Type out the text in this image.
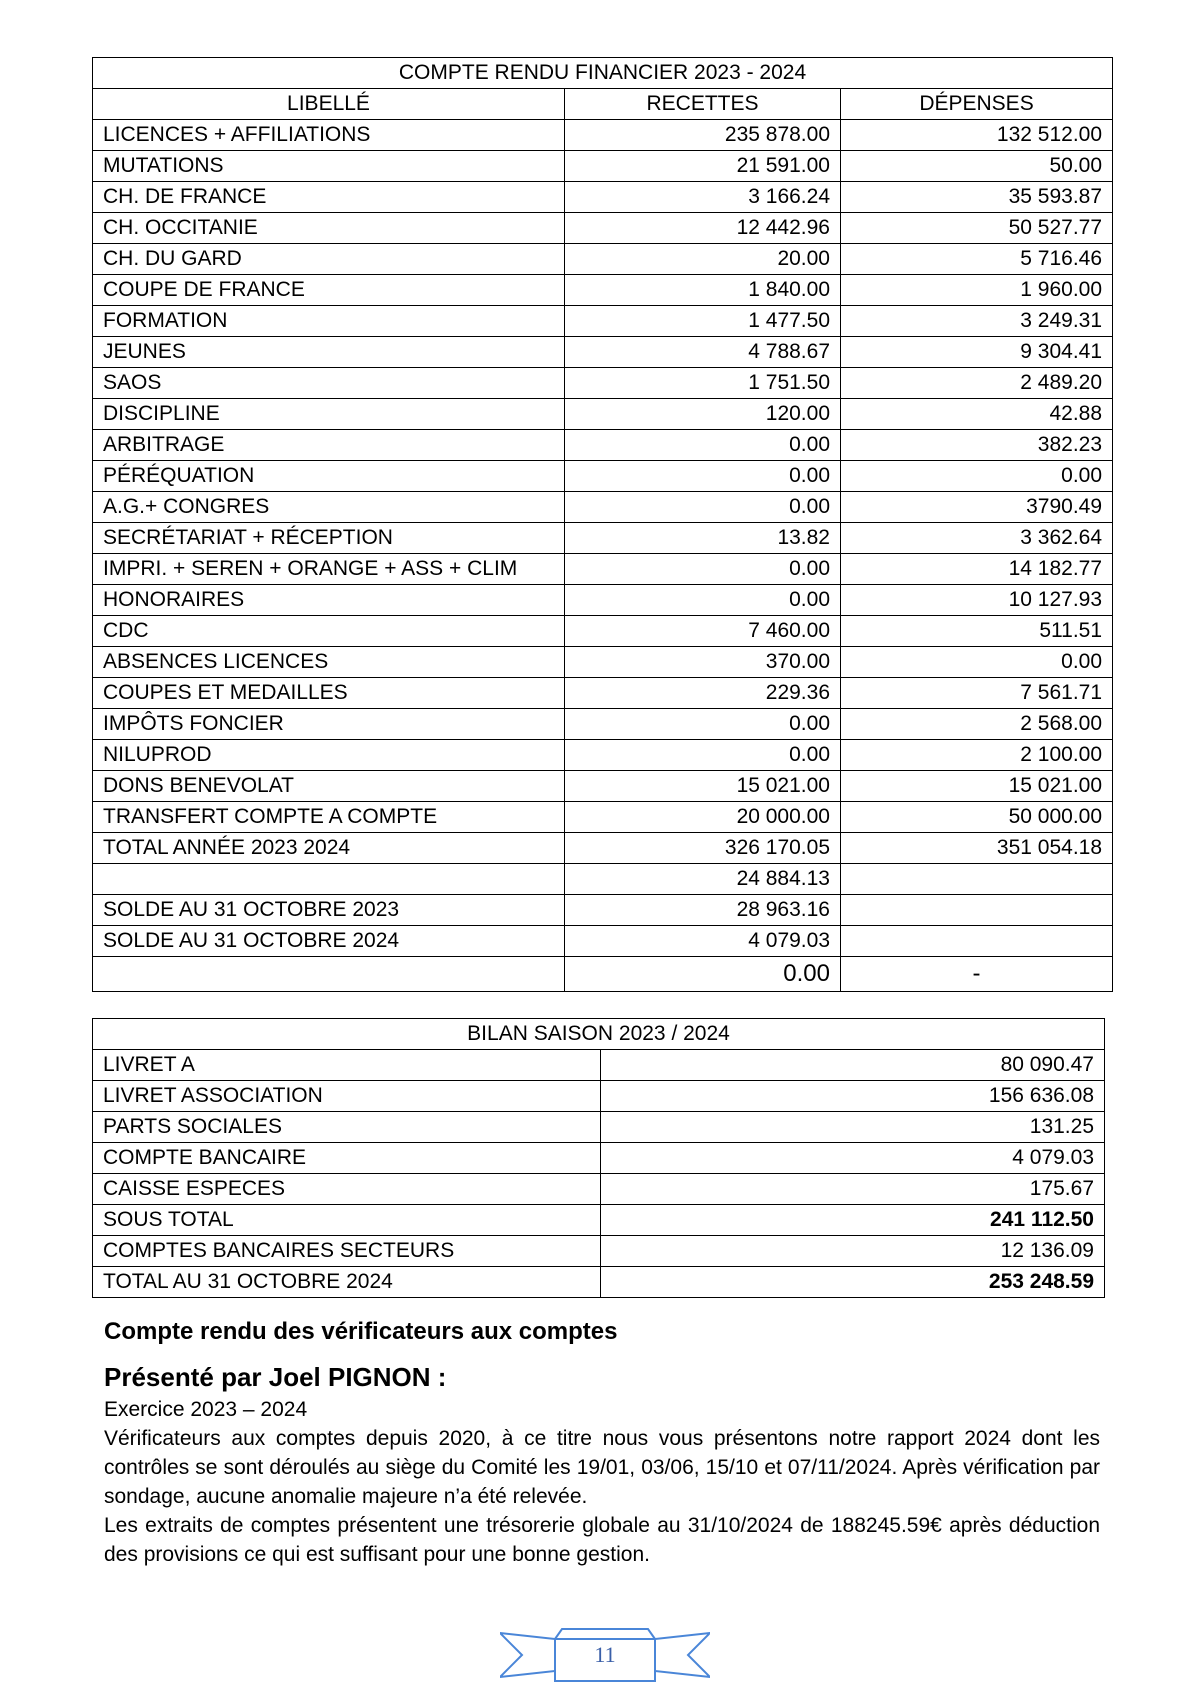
COMPTE RENDU FINANCIER 2023 - 2024		
LIBELLÉ	RECETTES	DÉPENSES
LICENCES + AFFILIATIONS	235 878.00	132 512.00
MUTATIONS	21 591.00	50.00
CH. DE FRANCE	3 166.24	35 593.87
CH. OCCITANIE	12 442.96	50 527.77
CH. DU GARD	20.00	5 716.46
COUPE DE FRANCE	1 840.00	1 960.00
FORMATION	1 477.50	3 249.31
JEUNES	4 788.67	9 304.41
SAOS	1 751.50	2 489.20
DISCIPLINE	120.00	42.88
ARBITRAGE	0.00	382.23
PÉRÉQUATION	0.00	0.00
A.G.+ CONGRES	0.00	3790.49
SECRÉTARIAT + RÉCEPTION	13.82	3 362.64
IMPRI. + SEREN + ORANGE + ASS + CLIM	0.00	14 182.77
HONORAIRES	0.00	10 127.93
CDC	7 460.00	511.51
ABSENCES LICENCES	370.00	0.00
COUPES ET MEDAILLES	229.36	7 561.71
IMPÔTS FONCIER	0.00	2 568.00
NILUPROD	0.00	2 100.00
DONS BENEVOLAT	15 021.00	15 021.00
TRANSFERT COMPTE A COMPTE	20 000.00	50 000.00
TOTAL ANNÉE 2023 2024	326 170.05	351 054.18
	24 884.13	
SOLDE AU 31 OCTOBRE 2023	28 963.16	
SOLDE AU 31 OCTOBRE 2024	4 079.03	
	0.00	-
BILAN SAISON 2023 / 2024	
LIVRET A	80 090.47
LIVRET ASSOCIATION	156 636.08
PARTS SOCIALES	131.25
COMPTE BANCAIRE	4 079.03
CAISSE ESPECES	175.67
SOUS TOTAL	241 112.50
COMPTES BANCAIRES SECTEURS	12 136.09
TOTAL AU 31 OCTOBRE 2024	253 248.59
Compte rendu des vérificateurs aux comptes
Présenté par Joel PIGNON :

Exercice 2023 – 2024

Vérificateurs aux comptes depuis 2020, à ce titre nous vous présentons notre rapport 2024 dont les contrôles se sont déroulés au siège du Comité les 19/01, 03/06, 15/10 et 07/11/2024. Après vérification par sondage, aucune anomalie majeure n’a été relevée.

Les extraits de comptes présentent une trésorerie globale au 31/10/2024 de 188245.59€ après déduction des provisions ce qui est suffisant pour une bonne gestion.

11
